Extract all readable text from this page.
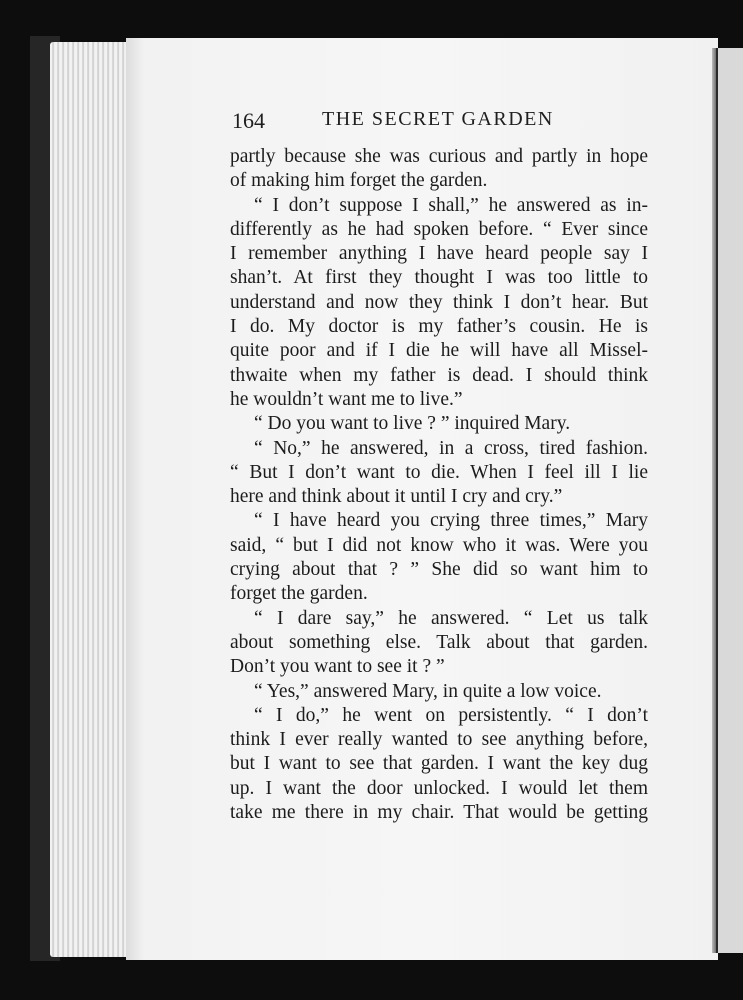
164	THE SECRET GARDEN
partly because she was curious and partly in hope
of making him forget the garden.
“ I don’t suppose I shall,” he answered as in-
differently as he had spoken before. “ Ever since
I remember anything I have heard people say I
shan’t. At first they thought I was too little to
understand and now they think I don’t hear. But
I do. My doctor is my father’s cousin. He is
quite poor and if I die he will have all Missel-
thwaite when my father is dead. I should think
he wouldn’t want me to live.”
“ Do you want to live ? ” inquired Mary.
“ No,” he answered, in a cross, tired fashion.
“ But I don’t want to die. When I feel ill I lie
here and think about it until I cry and cry.”
“ I have heard you crying three times,” Mary
said, “ but I did not know who it was. Were you
crying about that ? ” She did so want him to
forget the garden.
“ I dare say,” he answered. “ Let us talk
about something else. Talk about that garden.
Don’t you want to see it ? ”
“ Yes,” answered Mary, in quite a low voice.
“ I do,” he went on persistently. “ I don’t
think I ever really wanted to see anything before,
but I want to see that garden. I want the key dug
up. I want the door unlocked. I would let them
take me there in my chair. That would be getting
